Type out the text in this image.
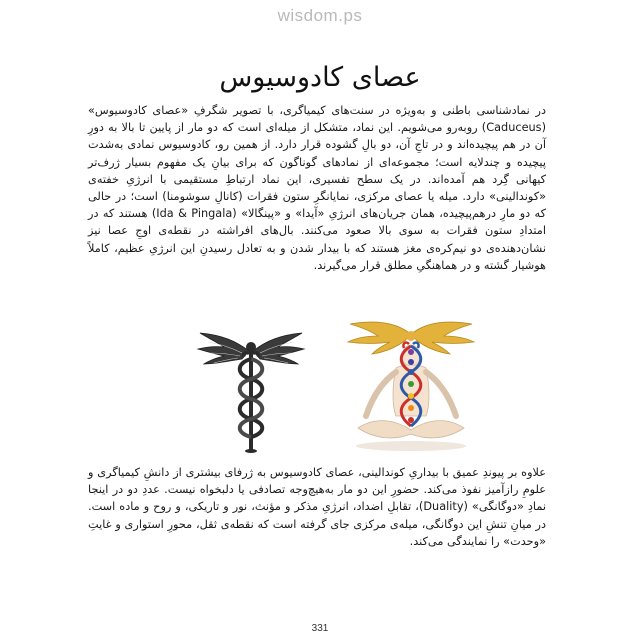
wisdom.ps
عصای کادوسیوس

در نمادشناسی باطنی و به‌ویژه در سنت‌های کیمیاگری، با تصویر شگرفِ «عصای کادوسیوس» (Caduceus) روبه‌رو می‌شویم. این نماد، متشکل از میله‌ای است که دو مار از پایین تا بالا به دورِ آن در هم پیچیده‌اند و در تاجِ آن، دو بالِ گشوده قرار دارد. از همین رو، کادوسیوس نمادی به‌شدت پیچیده و چندلایه است؛ مجموعه‌ای از نمادهای گوناگون که برای بیانِ یک مفهوم بسیار ژرف‌تر کیهانی گِرد هم آمده‌اند. در یک سطح تفسیری، این نماد ارتباطِ مستقیمی با انرژیِ خفته‌ی «کوندالینی» دارد. میله یا عصای مرکزی، نمایانگرِ ستون فقرات (کانالِ سوشومنا) است؛ در حالی که دو مارِ درهم‌پیچیده، همان جریان‌های انرژیِ «آیدا» و «پینگالا» (Ida & Pingala) هستند که در امتدادِ ستون فقرات به سوی بالا صعود می‌کنند. بال‌های افراشته در نقطه‌ی اوجِ عصا نیز نشان‌دهنده‌ی دو نیم‌کره‌ی مغز هستند که با بیدار شدن و به تعادل رسیدنِ این انرژیِ عظیم، کاملاً هوشیار گشته و در هماهنگیِ مطلق قرار می‌گیرند.

علاوه بر پیوندِ عمیق با بیداریِ کوندالینی، عصای کادوسیوس به ژرفای بیشتری از دانشِ کیمیاگری و علومِ رازآمیز نفوذ می‌کند. حضورِ این دو مار به‌هیچ‌وجه تصادفی یا دلبخواه نیست. عددِ دو در اینجا نمادِ «دوگانگی» (Duality)، تقابلِ اضداد، انرژیِ مذکر و مؤنث، نور و تاریکی، و روح و ماده است. در میانِ تنشِ این دوگانگی، میله‌ی مرکزی جای گرفته است که نقطه‌ی ثقل، محورِ استواری و غایتِ «وحدت» را نمایندگی می‌کند.

331
